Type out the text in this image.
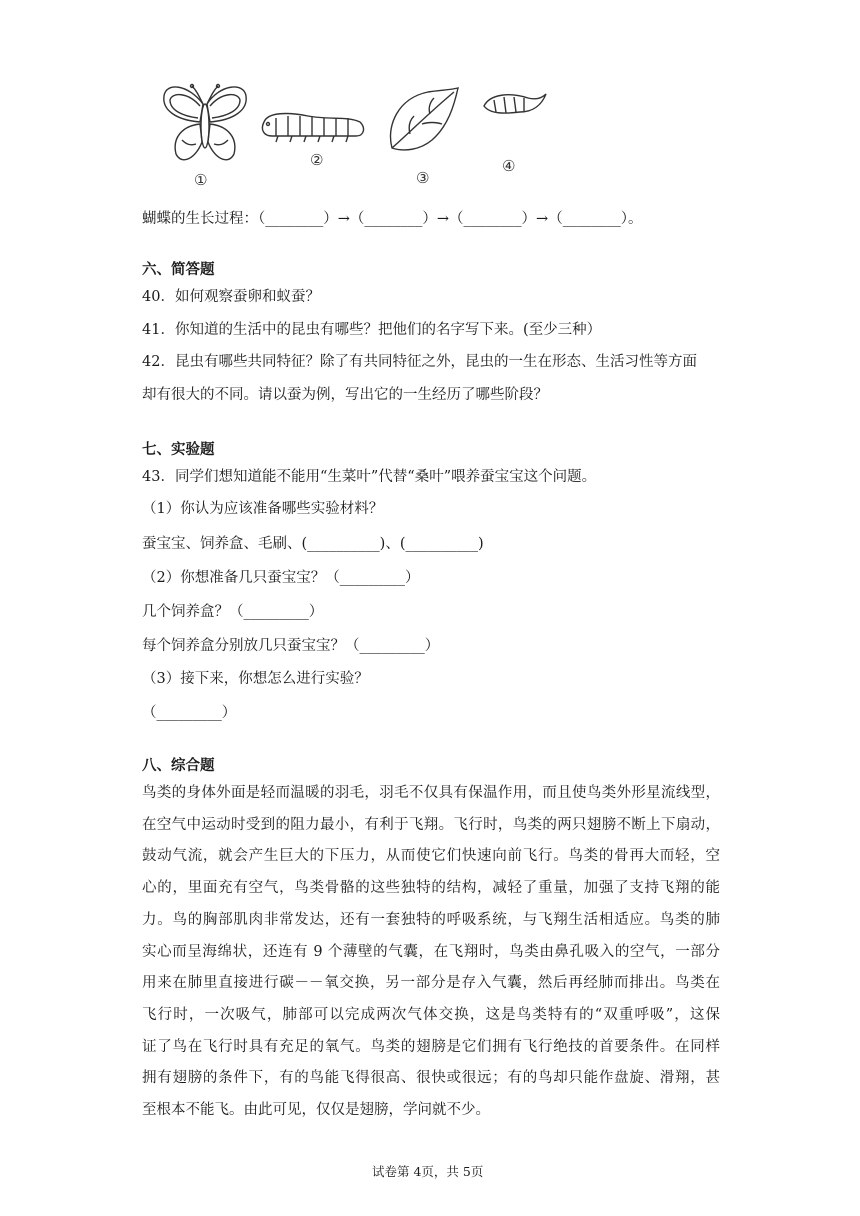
①
②
③
④
蝴蝶的生长过程：（________）→（________）→（________）→（________）。
六、简答题
40．如何观察蚕卵和蚁蚕？
41．你知道的生活中的昆虫有哪些？把他们的名字写下来。(至少三种）
42．昆虫有哪些共同特征？除了有共同特征之外，昆虫的一生在形态、生活习性等方面
却有很大的不同。请以蚕为例，写出它的一生经历了哪些阶段？
七、实验题
43．同学们想知道能不能用“生菜叶”代替“桑叶”喂养蚕宝宝这个问题。
（1）你认为应该准备哪些实验材料？
蚕宝宝、饲养盒、毛刷、(__________)、(__________)
（2）你想准备几只蚕宝宝？（_________）
几个饲养盒？（_________）
每个饲养盒分别放几只蚕宝宝？（_________）
（3）接下来，你想怎么进行实验？
（_________）
八、综合题
鸟类的身体外面是轻而温暖的羽毛，羽毛不仅具有保温作用，而且使鸟类外形星流线型，
在空气中运动时受到的阻力最小，有利于飞翔。飞行时，鸟类的两只翅膀不断上下扇动，
鼓动气流，就会产生巨大的下压力，从而使它们快速向前飞行。鸟类的骨再大而轻，空
心的，里面充有空气，鸟类骨骼的这些独特的结构，减轻了重量，加强了支持飞翔的能
力。鸟的胸部肌肉非常发达，还有一套独特的呼吸系统，与飞翔生活相适应。鸟类的肺
实心而呈海绵状，还连有 9 个薄壁的气囊，在飞翔时，鸟类由鼻孔吸入的空气，一部分
用来在肺里直接进行碳－－氧交换，另一部分是存入气囊，然后再经肺而排出。鸟类在
飞行时，一次吸气，肺部可以完成两次气体交换，这是鸟类特有的“双重呼吸”，这保
证了鸟在飞行时具有充足的氧气。鸟类的翅膀是它们拥有飞行绝技的首要条件。在同样
拥有翅膀的条件下，有的鸟能飞得很高、很快或很远；有的鸟却只能作盘旋、滑翔，甚
至根本不能飞。由此可见，仅仅是翅膀，学问就不少。
试卷第 4页，共 5页
